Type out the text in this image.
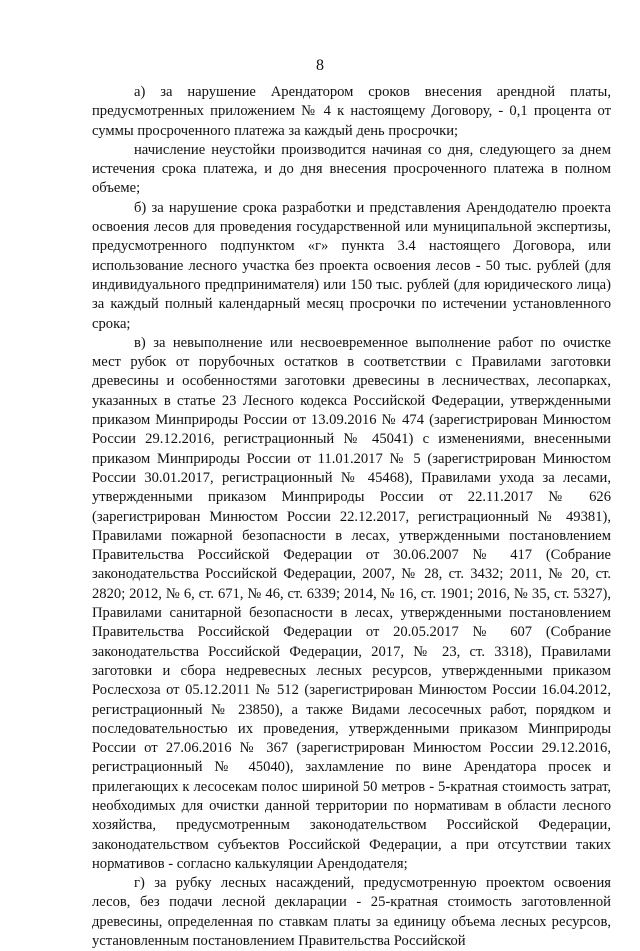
8

а) за нарушение Арендатором сроков внесения арендной платы, предусмотренных приложением № 4 к настоящему Договору, - 0,1 процента от суммы просроченного платежа за каждый день просрочки;

начисление неустойки производится начиная со дня, следующего за днем истечения срока платежа, и до дня внесения просроченного платежа в полном объеме;

б) за нарушение срока разработки и представления Арендодателю проекта освоения лесов для проведения государственной или муниципальной экспертизы, предусмотренного подпунктом «г» пункта 3.4 настоящего Договора, или использование лесного участка без проекта освоения лесов - 50 тыс. рублей (для индивидуального предпринимателя) или 150 тыс. рублей (для юридического лица) за каждый полный календарный месяц просрочки по истечении установленного срока;

в) за невыполнение или несвоевременное выполнение работ по очистке мест рубок от порубочных остатков в соответствии с Правилами заготовки древесины и особенностями заготовки древесины в лесничествах, лесопарках, указанных в статье 23 Лесного кодекса Российской Федерации, утвержденными приказом Минприроды России от 13.09.2016 № 474 (зарегистрирован Минюстом России 29.12.2016, регистрационный № 45041) с изменениями, внесенными приказом Минприроды России от 11.01.2017 № 5 (зарегистрирован Минюстом России 30.01.2017, регистрационный № 45468), Правилами ухода за лесами, утвержденными приказом Минприроды России от 22.11.2017 № 626 (зарегистрирован Минюстом России 22.12.2017, регистрационный № 49381), Правилами пожарной безопасности в лесах, утвержденными постановлением Правительства Российской Федерации от 30.06.2007 № 417 (Собрание законодательства Российской Федерации, 2007, № 28, ст. 3432; 2011, № 20, ст. 2820; 2012, № 6, ст. 671, № 46, ст. 6339; 2014, № 16, ст. 1901; 2016, № 35, ст. 5327), Правилами санитарной безопасности в лесах, утвержденными постановлением Правительства Российской Федерации от 20.05.2017 № 607 (Собрание законодательства Российской Федерации, 2017, № 23, ст. 3318), Правилами заготовки и сбора недревесных лесных ресурсов, утвержденными приказом Рослесхоза от 05.12.2011 № 512 (зарегистрирован Минюстом России 16.04.2012, регистрационный № 23850), а также Видами лесосечных работ, порядком и последовательностью их проведения, утвержденными приказом Минприроды России от 27.06.2016 № 367 (зарегистрирован Минюстом России 29.12.2016, регистрационный № 45040), захламление по вине Арендатора просек и прилегающих к лесосекам полос шириной 50 метров - 5-кратная стоимость затрат, необходимых для очистки данной территории по нормативам в области лесного хозяйства, предусмотренным законодательством Российской Федерации, законодательством субъектов Российской Федерации, а при отсутствии таких нормативов - согласно калькуляции Арендодателя;

г) за рубку лесных насаждений, предусмотренную проектом освоения лесов, без подачи лесной декларации - 25-кратная стоимость заготовленной древесины, определенная по ставкам платы за единицу объема лесных ресурсов, установленным постановлением Правительства Российской
